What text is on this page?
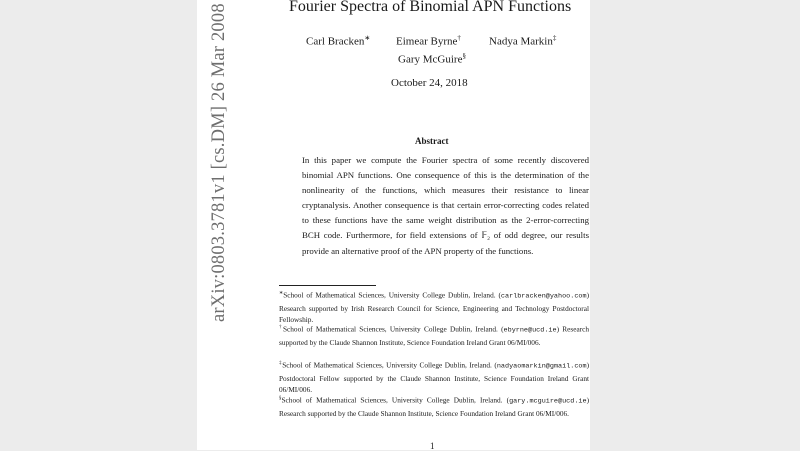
arXiv:0803.3781v1 [cs.DM] 26 Mar 2008	Fourier Spectra of Binomial APN Functions
Carl Bracken∗ Eimear Byrne†	Nadya Markin‡
Gary McGuire§
October 24, 2018
Abstract
In this paper we compute the Fourier spectra of some recently discovered binomial APN functions. One consequence of this is the determination of the nonlinearity of the functions, which measures their resistance to linear cryptanalysis. Another consequence is that certain error-correcting codes related to these functions have the same weight distribution as the 2-error-correcting BCH code. Furthermore, for field extensions of 𝔽₂ of odd degree, our results provide an alternative proof of the APN property of the functions.
∗School of Mathematical Sciences, University College Dublin, Ireland. (carlbracken@yahoo.com) Research supported by Irish Research Council for Science, Engineering and Technology Postdoctoral Fellowship.
†School of Mathematical Sciences, University College Dublin, Ireland. (ebyrne@ucd.ie) Research supported by the Claude Shannon Institute, Science Foundation Ireland Grant 06/MI/006.
‡School of Mathematical Sciences, University College Dublin, Ireland. (nadyaomarkin@gmail.com) Postdoctoral Fellow supported by the Claude Shannon Institute, Science Foundation Ireland Grant 06/MI/006.
§School of Mathematical Sciences, University College Dublin, Ireland. (gary.mcguire@ucd.ie) Research supported by the Claude Shannon Institute, Science Foundation Ireland Grant 06/MI/006.
1
